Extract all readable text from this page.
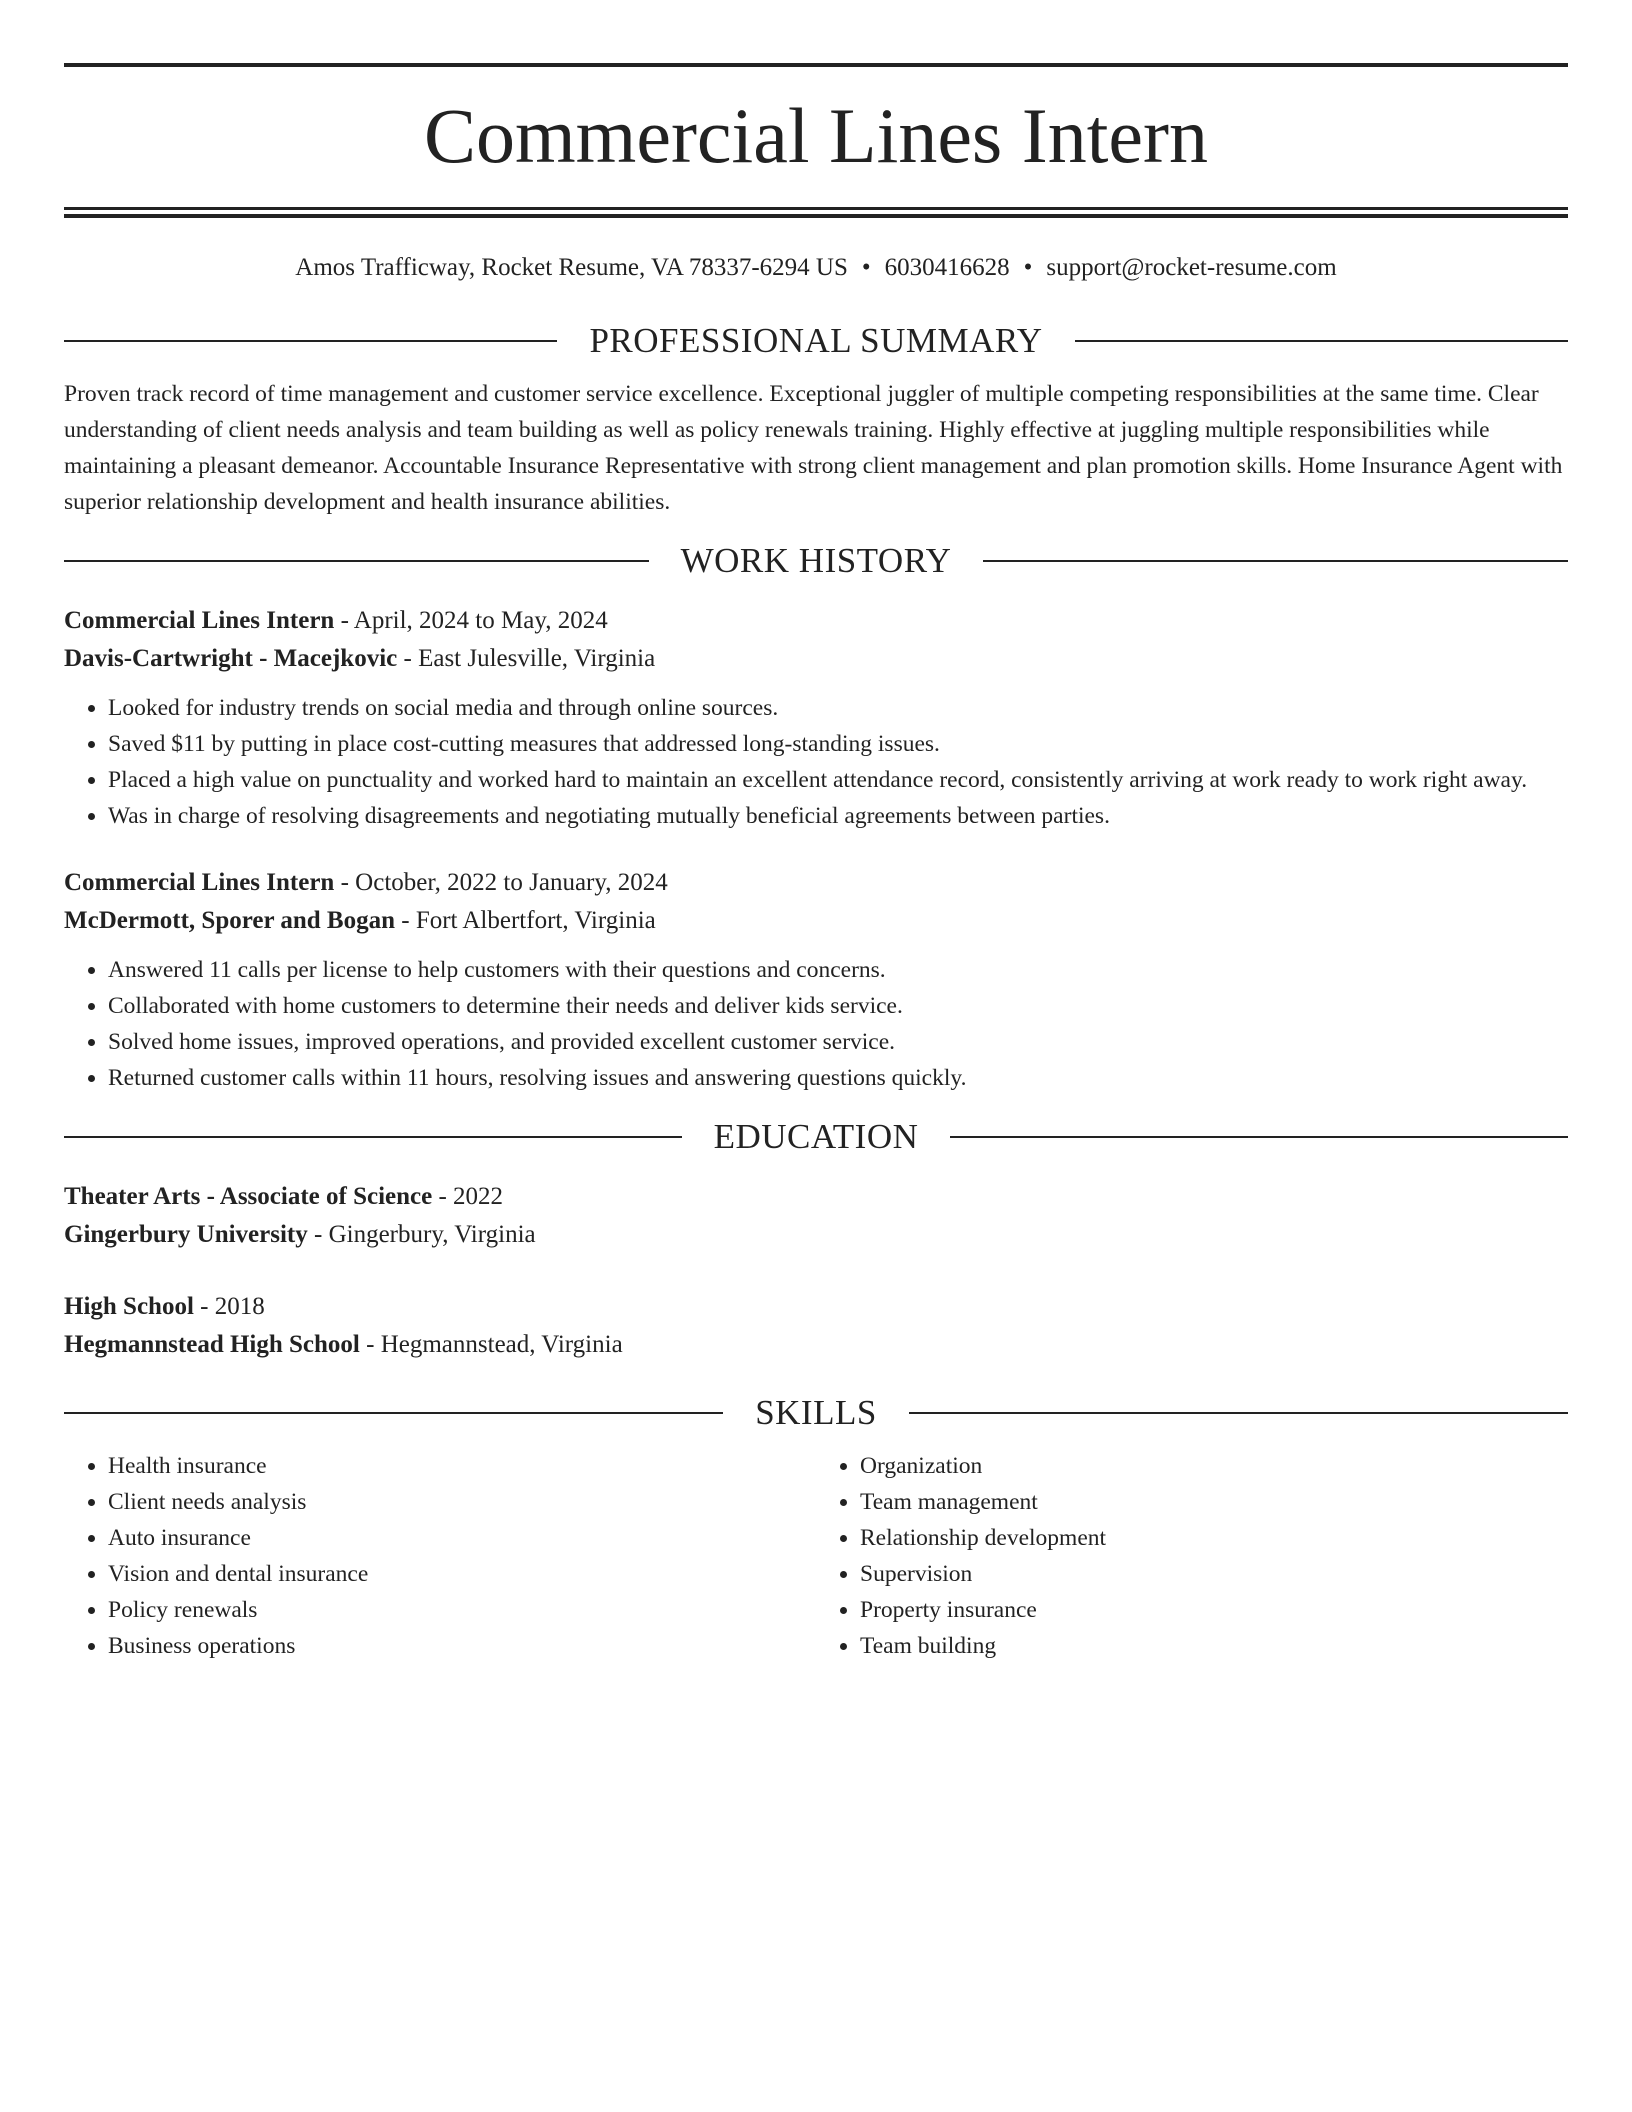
Commercial Lines Intern
Amos Trafficway, Rocket Resume, VA 78337-6294 US • 6030416628 • support@rocket-resume.com
PROFESSIONAL SUMMARY

Proven track record of time management and customer service excellence. Exceptional juggler of multiple competing responsibilities at the same time. Clear understanding of client needs analysis and team building as well as policy renewals training. Highly effective at juggling multiple responsibilities while maintaining a pleasant demeanor. Accountable Insurance Representative with strong client management and plan promotion skills. Home Insurance Agent with superior relationship development and health insurance abilities.

WORK HISTORY
Commercial Lines Intern - April, 2024 to May, 2024
Davis-Cartwright - Macejkovic - East Julesville, Virginia
• Looked for industry trends on social media and through online sources.
• Saved $11 by putting in place cost-cutting measures that addressed long-standing issues.
• Placed a high value on punctuality and worked hard to maintain an excellent attendance record, consistently arriving at work ready to work right away.
• Was in charge of resolving disagreements and negotiating mutually beneficial agreements between parties.
Commercial Lines Intern - October, 2022 to January, 2024
McDermott, Sporer and Bogan - Fort Albertfort, Virginia
• Answered 11 calls per license to help customers with their questions and concerns.
• Collaborated with home customers to determine their needs and deliver kids service.
• Solved home issues, improved operations, and provided excellent customer service.
• Returned customer calls within 11 hours, resolving issues and answering questions quickly.
EDUCATION
Theater Arts - Associate of Science - 2022
Gingerbury University - Gingerbury, Virginia
High School - 2018
Hegmannstead High School - Hegmannstead, Virginia
SKILLS
• Health insurance
• Client needs analysis
• Auto insurance
• Vision and dental insurance
• Policy renewals
• Business operations
• Organization
• Team management
• Relationship development
• Supervision
• Property insurance
• Team building
